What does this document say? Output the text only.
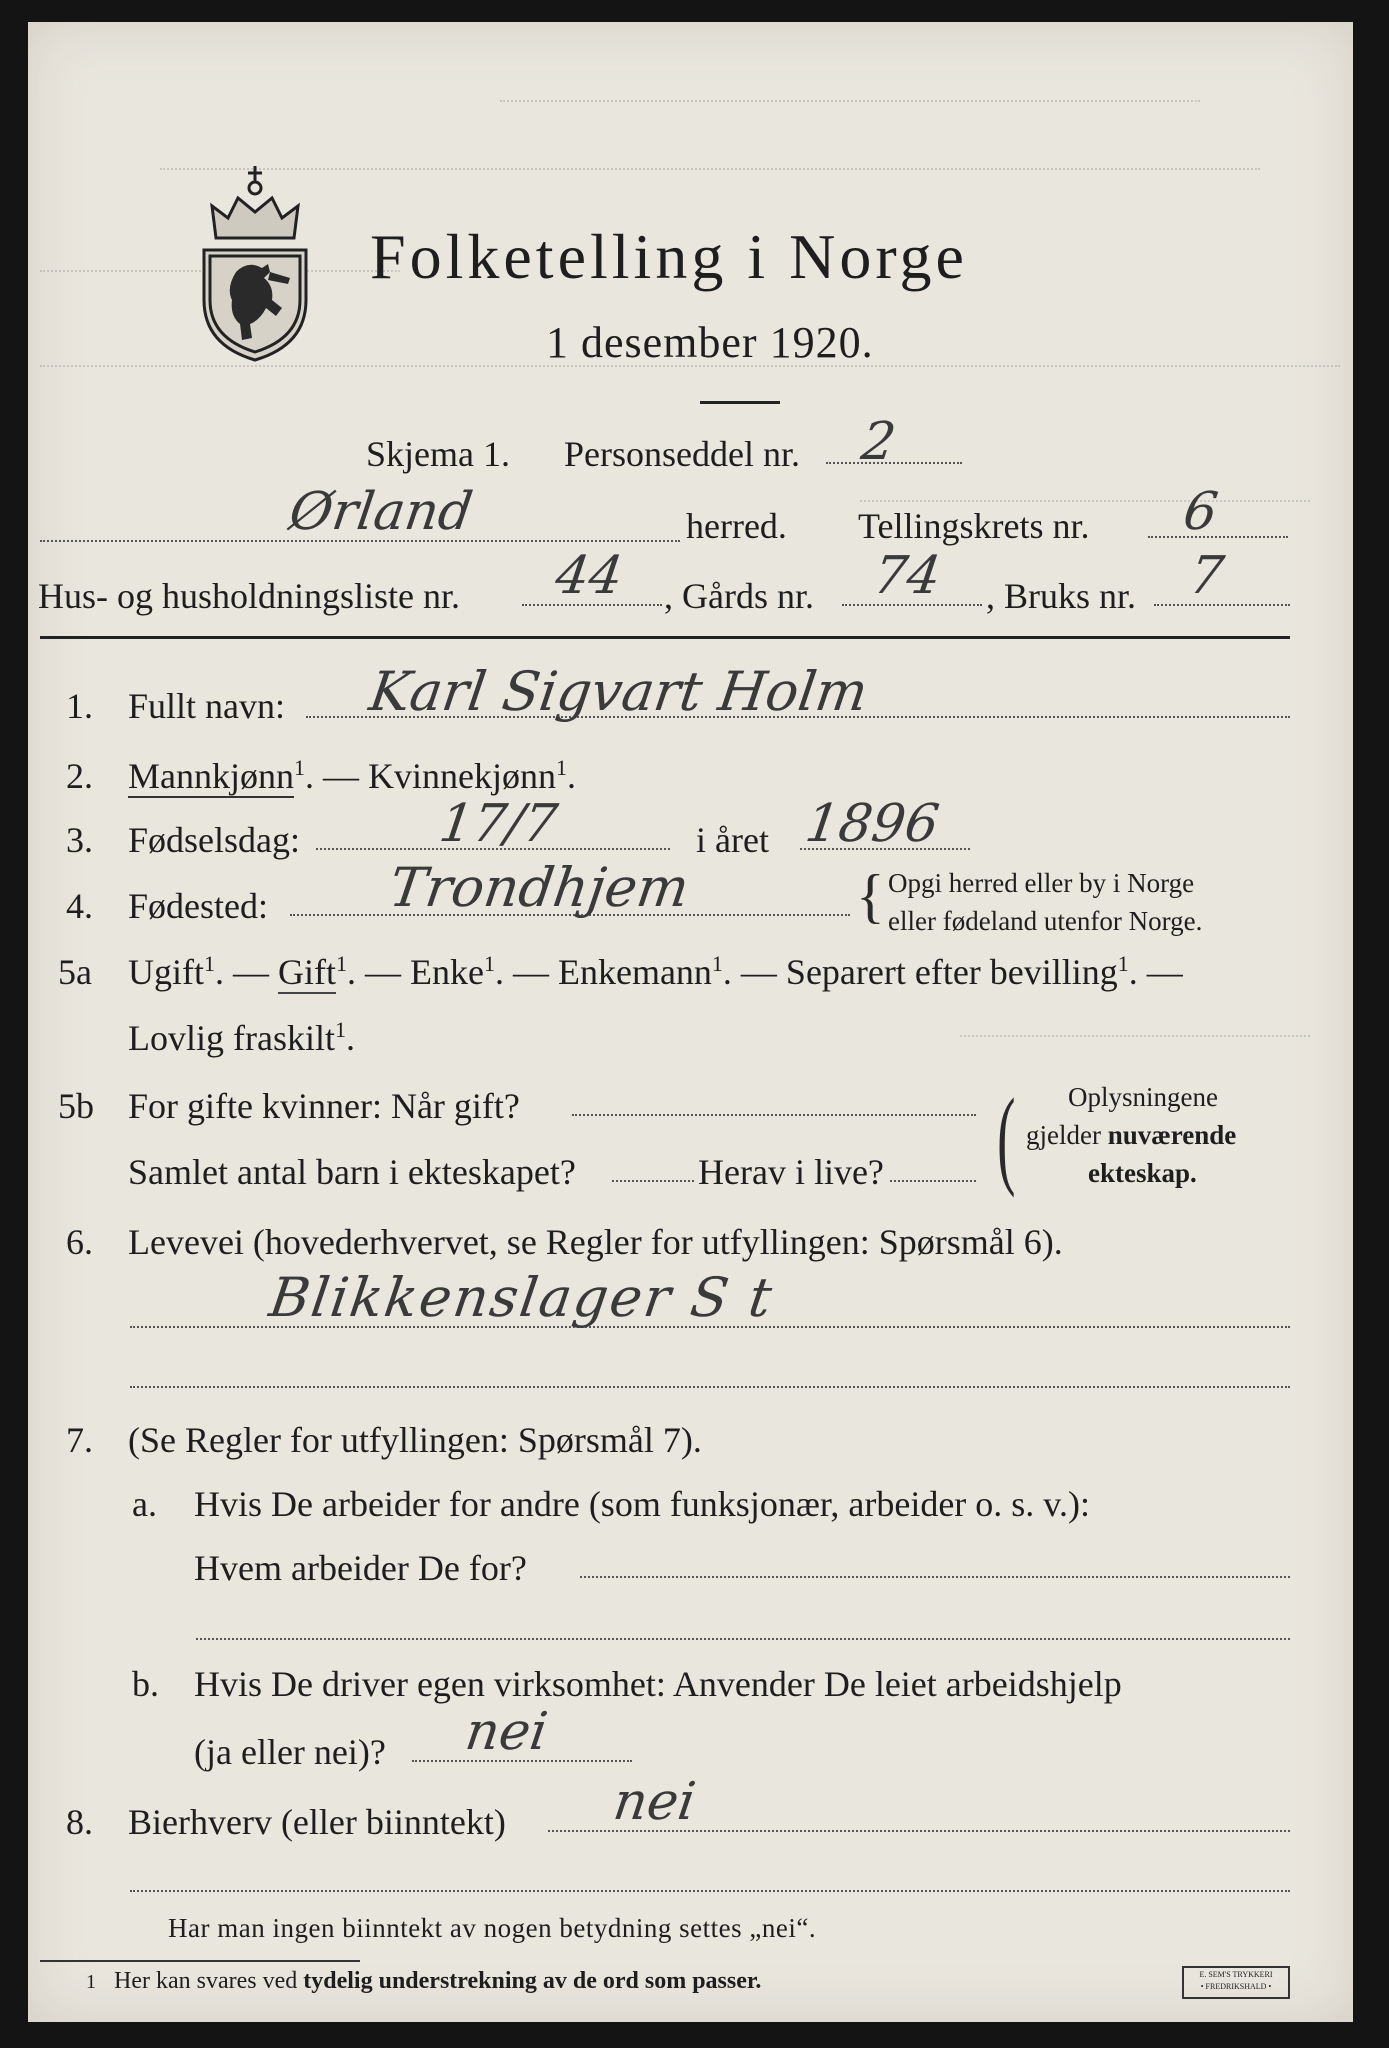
Folketelling i Norge
1 desember 1920.
Skjema 1. Personseddel nr. 2
Ørland	herred. Tellingskrets nr. 6
Hus- og husholdningsliste nr. 44 , Gårds nr. 74 , Bruks nr. 7
1. Fullt navn: Karl Sigvart Holm
2. Mannkjønn$^1$. — Kvinnekjønn$^1$.
3. Fødselsdag:	17/7	i året 1896
4. Fødested: Trondhjem	{ Opgi herred eller by i Norge
eller fødeland utenfor Norge.
5a Ugift$^1$. — Gift$^1$. — Enke$^1$. — Enkemann$^1$. — Separert efter bevilling$^1$. —
Lovlig fraskilt$^1$.
5b For gifte kvinner: Når gift?
Samlet antal barn i ekteskapet?	Herav i live? ( Oplysningene
gjelder nuværende
ekteskap.
6. Levevei (hovederhvervet, se Regler for utfyllingen: Spørsmål 6).
Blikkenslager S t
7. (Se Regler for utfyllingen: Spørsmål 7).
a. Hvis De arbeider for andre (som funksjonær, arbeider o. s. v.):
Hvem arbeider De for?
b. Hvis De driver egen virksomhet: Anvender De leiet arbeidshjelp
(ja eller nei)? nei
8. Bierhverv (eller biinntekt) nei
Har man ingen biinntekt av nogen betydning settes „nei“.
1 Her kan svares ved tydelig understrekning av de ord som passer.	E. SEM'S TRYKKERI
• FREDRIKSHALD •
